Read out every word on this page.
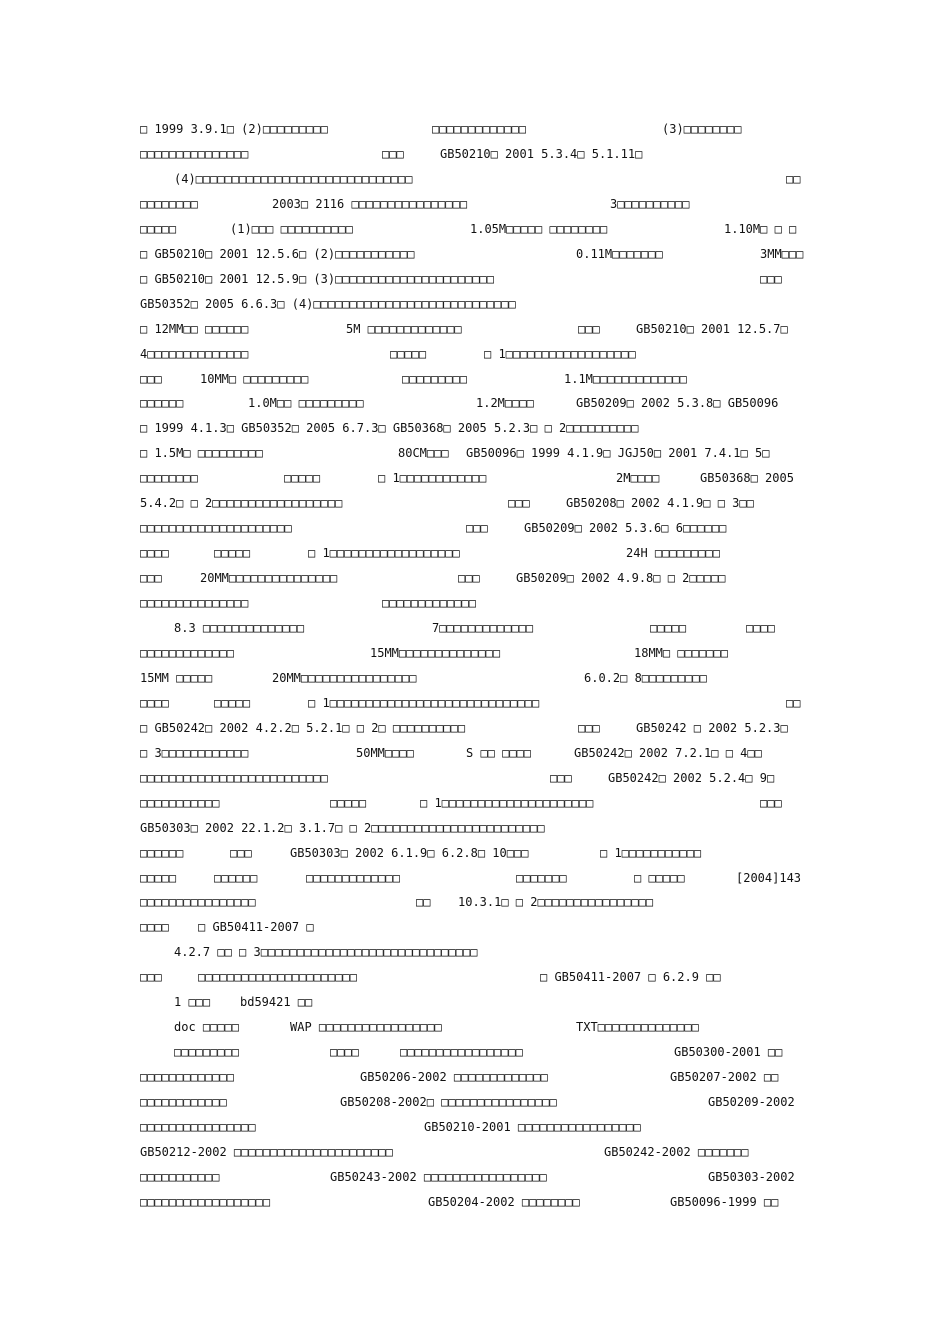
□ 1999 3.9.1□ (2)□□□□□□□□□	□□□□□□□□□□□□□	(3)□□□□□□□□
□□□□□□□□□□□□□□□	□□□	GB50210□ 2001 5.3.4□ 5.1.11□
(4)□□□□□□□□□□□□□□□□□□□□□□□□□□□□□□	□□
□□□□□□□□	2003□ 2116 □□□□□□□□□□□□□□□□	3□□□□□□□□□□
□□□□□	(1)□□□ □□□□□□□□□□	1.05M□□□□□ □□□□□□□□	1.10M□ □ □
□ GB50210□ 2001 12.5.6□ (2)□□□□□□□□□□□	0.11M□□□□□□□	3MM□□□
□ GB50210□ 2001 12.5.9□ (3)□□□□□□□□□□□□□□□□□□□□□□	□□□
GB50352□ 2005 6.6.3□ (4)□□□□□□□□□□□□□□□□□□□□□□□□□□□□
□ 12MM□□ □□□□□□	5M □□□□□□□□□□□□□	□□□	GB50210□ 2001 12.5.7□
4□□□□□□□□□□□□□□	□□□□□	□ 1□□□□□□□□□□□□□□□□□□
□□□	10MM□ □□□□□□□□□	□□□□□□□□□	1.1M□□□□□□□□□□□□□
□□□□□□	1.0M□□ □□□□□□□□□	1.2M□□□□	GB50209□ 2002 5.3.8□ GB50096
□ 1999 4.1.3□ GB50352□ 2005 6.7.3□ GB50368□ 2005 5.2.3□ □ 2□□□□□□□□□□
□ 1.5M□ □□□□□□□□□	80CM□□□ GB50096□ 1999 4.1.9□ JGJ50□ 2001 7.4.1□ 5□
□□□□□□□□	□□□□□	□ 1□□□□□□□□□□□□	2M□□□□	GB50368□ 2005
5.4.2□ □ 2□□□□□□□□□□□□□□□□□□	□□□	GB50208□ 2002 4.1.9□ □ 3□□
□□□□□□□□□□□□□□□□□□□□□	□□□	GB50209□ 2002 5.3.6□ 6□□□□□□
□□□□	□□□□□	□ 1□□□□□□□□□□□□□□□□□□	24H □□□□□□□□□
□□□	20MM□□□□□□□□□□□□□□□	□□□	GB50209□ 2002 4.9.8□ □ 2□□□□□
□□□□□□□□□□□□□□□	□□□□□□□□□□□□□
8.3 □□□□□□□□□□□□□□	7□□□□□□□□□□□□□	□□□□□	□□□□
□□□□□□□□□□□□□	15MM□□□□□□□□□□□□□□	18MM□ □□□□□□□
15MM □□□□□	20MM□□□□□□□□□□□□□□□□	6.0.2□ 8□□□□□□□□□
□□□□	□□□□□	□ 1□□□□□□□□□□□□□□□□□□□□□□□□□□□□□	□□
□ GB50242□ 2002 4.2.2□ 5.2.1□ □ 2□ □□□□□□□□□□	□□□	GB50242 □ 2002 5.2.3□
□ 3□□□□□□□□□□□□	50MM□□□□	S □□ □□□□	GB50242□ 2002 7.2.1□ □ 4□□
□□□□□□□□□□□□□□□□□□□□□□□□□□	□□□	GB50242□ 2002 5.2.4□ 9□
□□□□□□□□□□□	□□□□□	□ 1□□□□□□□□□□□□□□□□□□□□□	□□□
GB50303□ 2002 22.1.2□ 3.1.7□ □ 2□□□□□□□□□□□□□□□□□□□□□□□□
□□□□□□	□□□	GB50303□ 2002 6.1.9□ 6.2.8□ 10□□□	□ 1□□□□□□□□□□□
□□□□□	□□□□□□	□□□□□□□□□□□□□	□□□□□□□	□ □□□□□	[2004]143
□□□□□□□□□□□□□□□□	□□ 10.3.1□ □ 2□□□□□□□□□□□□□□□□
□□□□ □ GB50411-2007 □
4.2.7 □□ □ 3□□□□□□□□□□□□□□□□□□□□□□□□□□□□□□
□□□	□□□□□□□□□□□□□□□□□□□□□□	□ GB50411-2007 □ 6.2.9 □□
1 □□□ bd59421 □□
doc □□□□□	WAP □□□□□□□□□□□□□□□□□	TXT□□□□□□□□□□□□□□
□□□□□□□□□	□□□□	□□□□□□□□□□□□□□□□□	GB50300-2001 □□
□□□□□□□□□□□□□	GB50206-2002 □□□□□□□□□□□□□	GB50207-2002 □□
□□□□□□□□□□□□	GB50208-2002□ □□□□□□□□□□□□□□□□	GB50209-2002
□□□□□□□□□□□□□□□□	GB50210-2001 □□□□□□□□□□□□□□□□□
GB50212-2002 □□□□□□□□□□□□□□□□□□□□□□	GB50242-2002 □□□□□□□
□□□□□□□□□□□	GB50243-2002 □□□□□□□□□□□□□□□□□	GB50303-2002
□□□□□□□□□□□□□□□□□□	GB50204-2002 □□□□□□□□	GB50096-1999 □□
